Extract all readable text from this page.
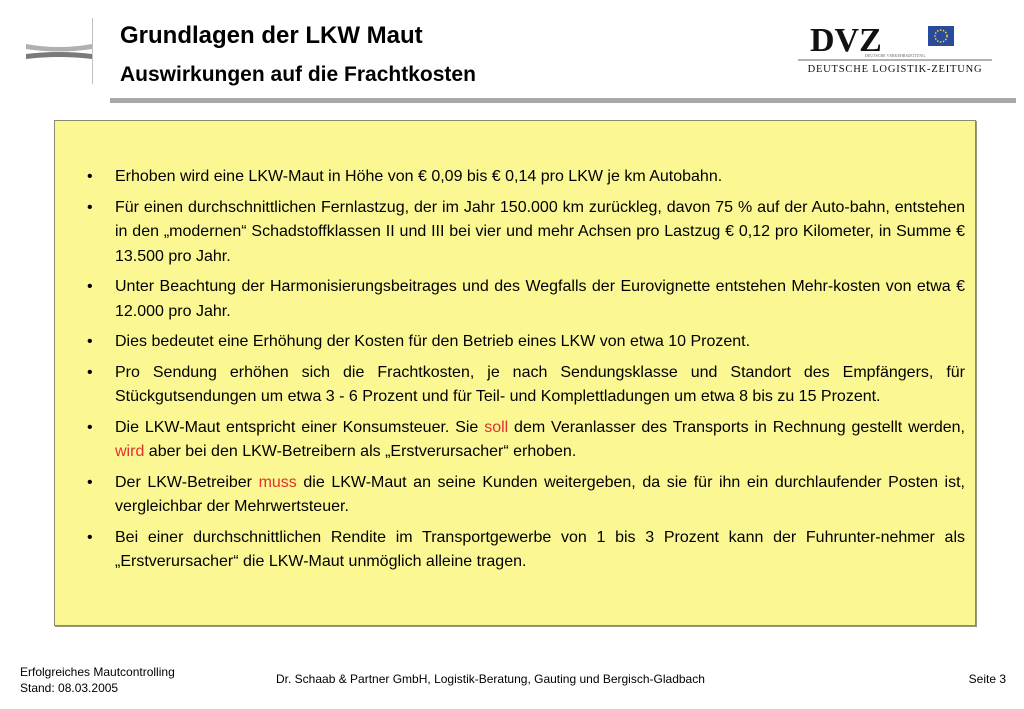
Grundlagen der LKW Maut
Auswirkungen auf die Frachtkosten
DVZ
DEUTSCHE LOGISTIK-ZEITUNG
DEUTSCHE VERKEHRSZEITUNG
• Erhoben wird eine LKW-Maut in Höhe von € 0,09 bis € 0,14 pro LKW je km Autobahn.
• Für einen durchschnittlichen Fernlastzug, der im Jahr 150.000 km zurückleg, davon 75 % auf der Auto-bahn, entstehen in den „modernen“ Schadstoffklassen II und III bei vier und mehr Achsen pro Lastzug € 0,12 pro Kilometer, in Summe € 13.500 pro Jahr.
• Unter Beachtung der Harmonisierungsbeitrages und des Wegfalls der Eurovignette entstehen Mehr-kosten von etwa € 12.000 pro Jahr.
• Dies bedeutet eine Erhöhung der Kosten für den Betrieb eines LKW von etwa 10 Prozent.
• Pro Sendung erhöhen sich die Frachtkosten, je nach Sendungsklasse und Standort des Empfängers, für Stückgutsendungen um etwa 3 - 6 Prozent und für Teil- und Komplettladungen um etwa 8 bis zu 15 Prozent.
• Die LKW-Maut entspricht einer Konsumsteuer. Sie soll dem Veranlasser des Transports in Rechnung gestellt werden, wird aber bei den LKW-Betreibern als „Erstverursacher“ erhoben.
• Der LKW-Betreiber muss die LKW-Maut an seine Kunden weitergeben, da sie für ihn ein durchlaufender Posten ist, vergleichbar der Mehrwertsteuer.
• Bei einer durchschnittlichen Rendite im Transportgewerbe von 1 bis 3 Prozent kann der Fuhrunter-nehmer als „Erstverursacher“ die LKW-Maut unmöglich alleine tragen.
Erfolgreiches Mautcontrolling
Stand: 08.03.2005
Dr. Schaab & Partner GmbH, Logistik-Beratung, Gauting und Bergisch-Gladbach	Seite 3
